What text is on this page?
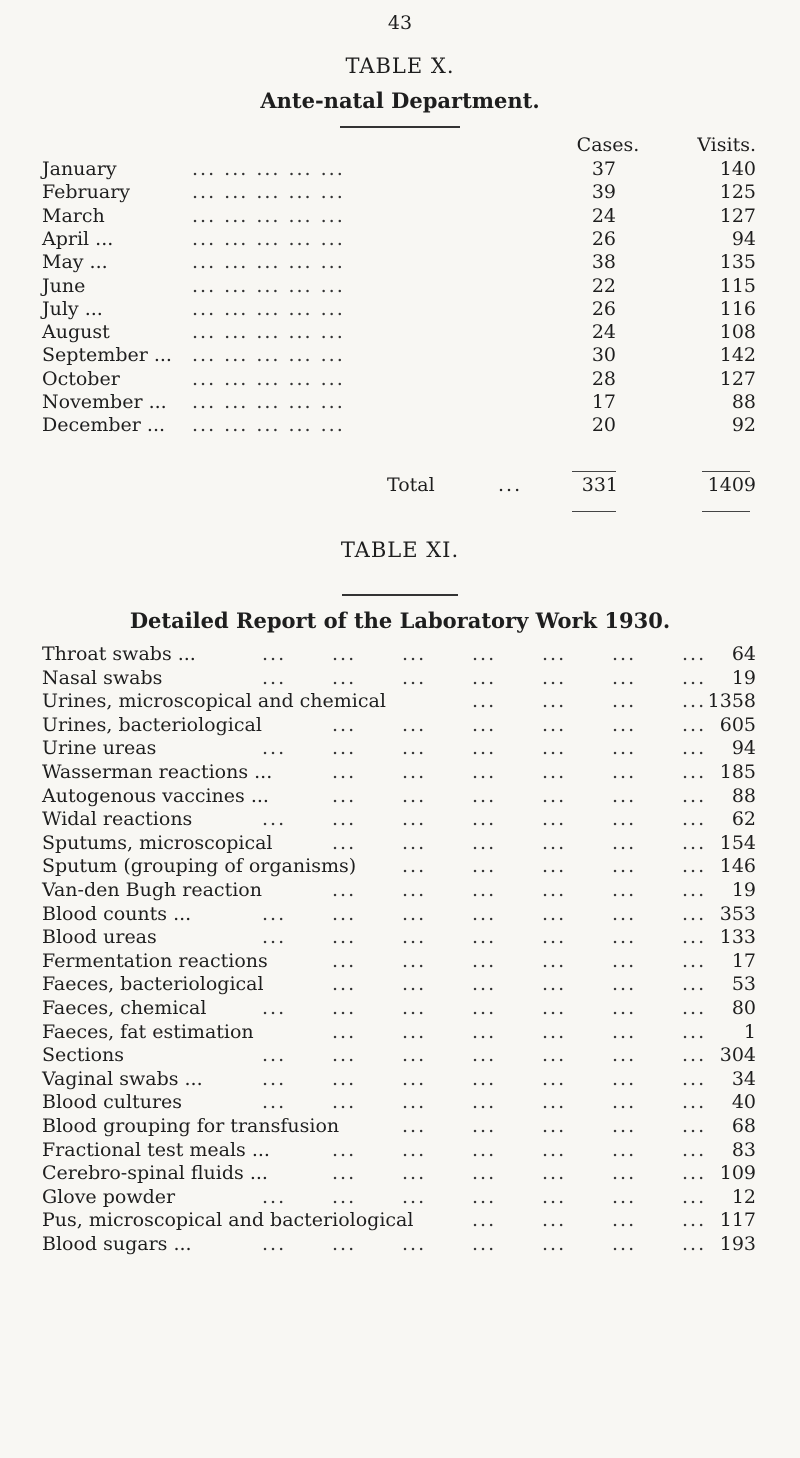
43
TABLE X.
Ante-natal Department.
Cases.	Visits.
January	... ... ... ... ...	37	140
February	... ... ... ... ...	39	125
March	... ... ... ... ...	24	127
April ...	... ... ... ... ...	26	94
May ...	... ... ... ... ...	38	135
June	... ... ... ... ...	22	115
July ...	... ... ... ... ...	26	116
August	... ... ... ... ...	24	108
September ... ... ... ... ... ...	30	142
October	... ... ... ... ...	28	127
November ... ... ... ... ... ...	17	88
December ... ... ... ... ... ...	20	92
Total	...	331	1409
TABLE XI.
Detailed Report of the Laboratory Work 1930.
Throat swabs ...	... ... ... ... ... ... ...	64
Nasal swabs	... ... ... ... ... ... ...	19
Urines, microscopical and chemical	... ... ... ... 1358
Urines, bacteriological	... ... ... ... ... ... 605
Urine ureas	... ... ... ... ... ... ...	94
Wasserman reactions ...	... ... ... ... ... ... 185
Autogenous vaccines ...	... ... ... ... ... ...	88
Widal reactions	... ... ... ... ... ... ...	62
Sputums, microscopical	... ... ... ... ... ... 154
Sputum (grouping of organisms) ... ... ... ... ... 146
Van-den Bugh reaction	... ... ... ... ... ...	19
Blood counts ...	... ... ... ... ... ... ... 353
Blood ureas	... ... ... ... ... ... ... 133
Fermentation reactions	... ... ... ... ... ...	17
Faeces, bacteriological	... ... ... ... ... ...	53
Faeces, chemical	... ... ... ... ... ... ...	80
Faeces, fat estimation	... ... ... ... ... ...	1
Sections	... ... ... ... ... ... ... 304
Vaginal swabs ...	... ... ... ... ... ... ...	34
Blood cultures	... ... ... ... ... ... ...	40
Blood grouping for transfusion	... ... ... ... ...	68
Fractional test meals ...	... ... ... ... ... ...	83
Cerebro-spinal fluids ...	... ... ... ... ... ... 109
Glove powder	... ... ... ... ... ... ...	12
Pus, microscopical and bacteriological	... ... ... ... 117
Blood sugars ...	... ... ... ... ... ... ... 193
